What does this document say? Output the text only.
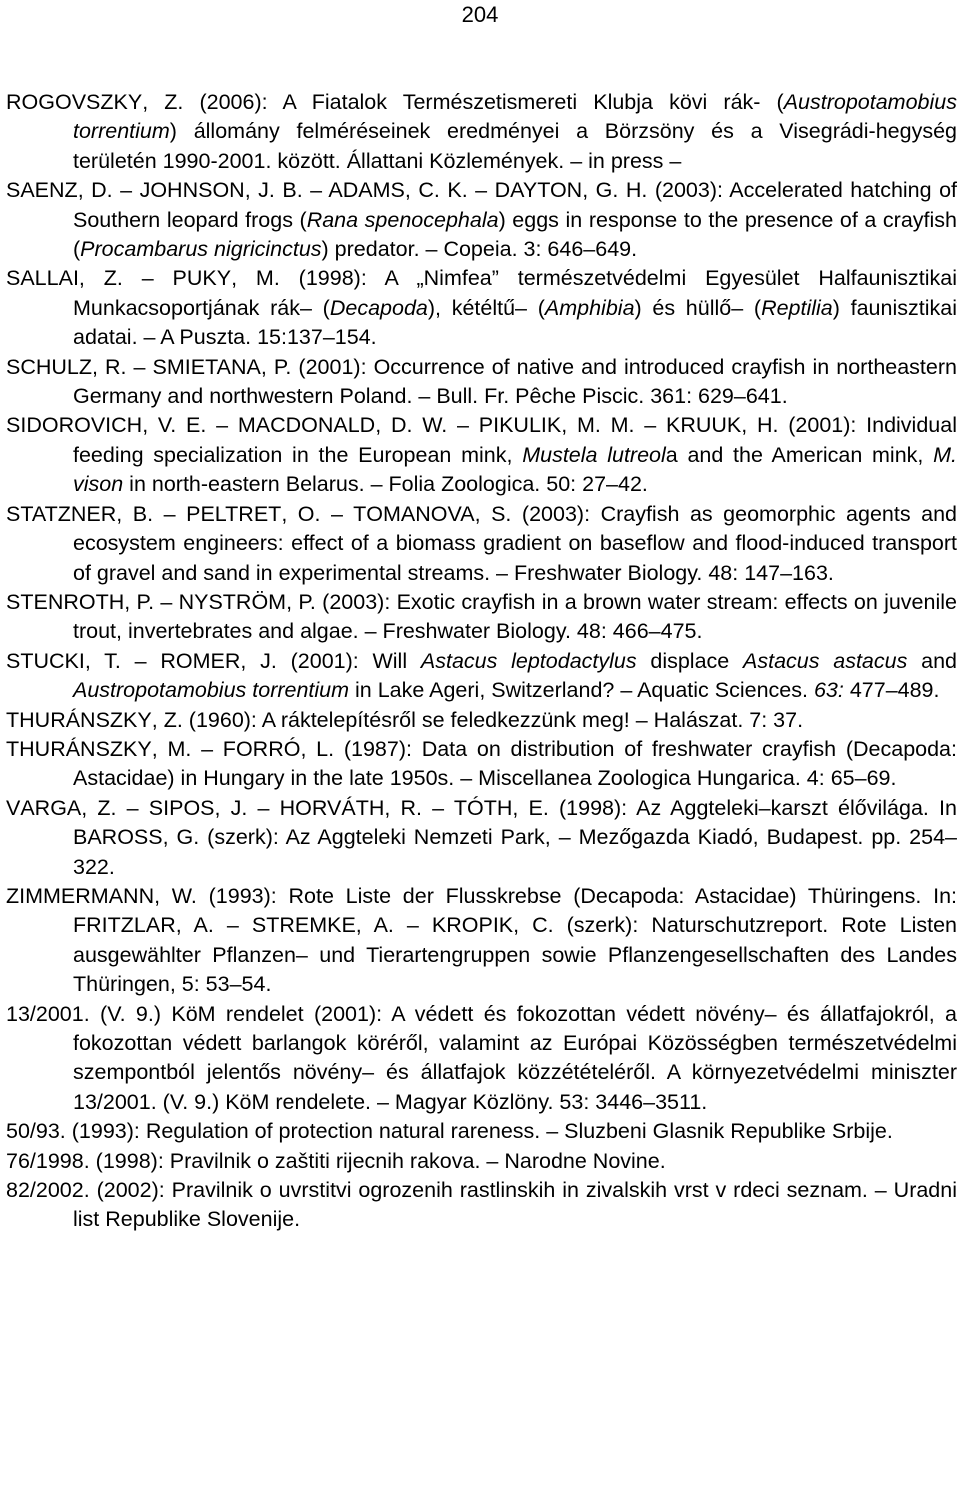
204

ROGOVSZKY, Z. (2006): A Fiatalok Természetismereti Klubja kövi rák- (Austropotamobius torrentium) állomány felméréseinek eredményei a Börzsöny és a Visegrádi-hegység területén 1990-2001. között. Állattani Közlemények. – in press –

SAENZ, D. – JOHNSON, J. B. – ADAMS, C. K. – DAYTON, G. H. (2003): Accelerated hatching of Southern leopard frogs (Rana spenocephala) eggs in response to the presence of a crayfish (Procambarus nigricinctus) predator. – Copeia. 3: 646–649.

SALLAI, Z. – PUKY, M. (1998): A „Nimfea” természetvédelmi Egyesület Halfaunisztikai Munkacsoportjának rák– (Decapoda), kétéltű– (Amphibia) és hüllő– (Reptilia) faunisztikai adatai. – A Puszta. 15:137–154.

SCHULZ, R. – SMIETANA, P. (2001): Occurrence of native and introduced crayfish in northeastern Germany and northwestern Poland. – Bull. Fr. Pêche Piscic. 361: 629–641.

SIDOROVICH, V. E. – MACDONALD, D. W. – PIKULIK, M. M. – KRUUK, H. (2001): Individual feeding specialization in the European mink, Mustela lutreola and the American mink, M. vison in north-eastern Belarus. – Folia Zoologica. 50: 27–42.

STATZNER, B. – PELTRET, O. – TOMANOVA, S. (2003): Crayfish as geomorphic agents and ecosystem engineers: effect of a biomass gradient on baseflow and flood-induced transport of gravel and sand in experimental streams. – Freshwater Biology. 48: 147–163.

STENROTH, P. – NYSTRÖM, P. (2003): Exotic crayfish in a brown water stream: effects on juvenile trout, invertebrates and algae. – Freshwater Biology. 48: 466–475.

STUCKI, T. – ROMER, J. (2001): Will Astacus leptodactylus displace Astacus astacus and Austropotamobius torrentium in Lake Ageri, Switzerland? – Aquatic Sciences. 63: 477–489.

THURÁNSZKY, Z. (1960): A ráktelepítésről se feledkezzünk meg! – Halászat. 7: 37.

THURÁNSZKY, M. – FORRÓ, L. (1987): Data on distribution of freshwater crayfish (Decapoda: Astacidae) in Hungary in the late 1950s. – Miscellanea Zoologica Hungarica. 4: 65–69.

VARGA, Z. – SIPOS, J. – HORVÁTH, R. – TÓTH, E. (1998): Az Aggteleki–karszt élővilága. In BAROSS, G. (szerk): Az Aggteleki Nemzeti Park, – Mezőgazda Kiadó, Budapest. pp. 254–322.

ZIMMERMANN, W. (1993): Rote Liste der Flusskrebse (Decapoda: Astacidae) Thüringens. In: FRITZLAR, A. – STREMKE, A. – KROPIK, C. (szerk): Naturschutzreport. Rote Listen ausgewählter Pflanzen– und Tierartengruppen sowie Pflanzengesellschaften des Landes Thüringen, 5: 53–54.

13/2001. (V. 9.) KöM rendelet (2001): A védett és fokozottan védett növény– és állatfajokról, a fokozottan védett barlangok köréről, valamint az Európai Közösségben természetvédelmi szempontból jelentős növény– és állatfajok közzétételéről. A környezetvédelmi miniszter 13/2001. (V. 9.) KöM rendelete. – Magyar Közlöny. 53: 3446–3511.

50/93. (1993): Regulation of protection natural rareness. – Sluzbeni Glasnik Republike Srbije.

76/1998. (1998): Pravilnik o zaštiti rijecnih rakova. – Narodne Novine.

82/2002. (2002): Pravilnik o uvrstitvi ogrozenih rastlinskih in zivalskih vrst v rdeci seznam. – Uradni list Republike Slovenije.
